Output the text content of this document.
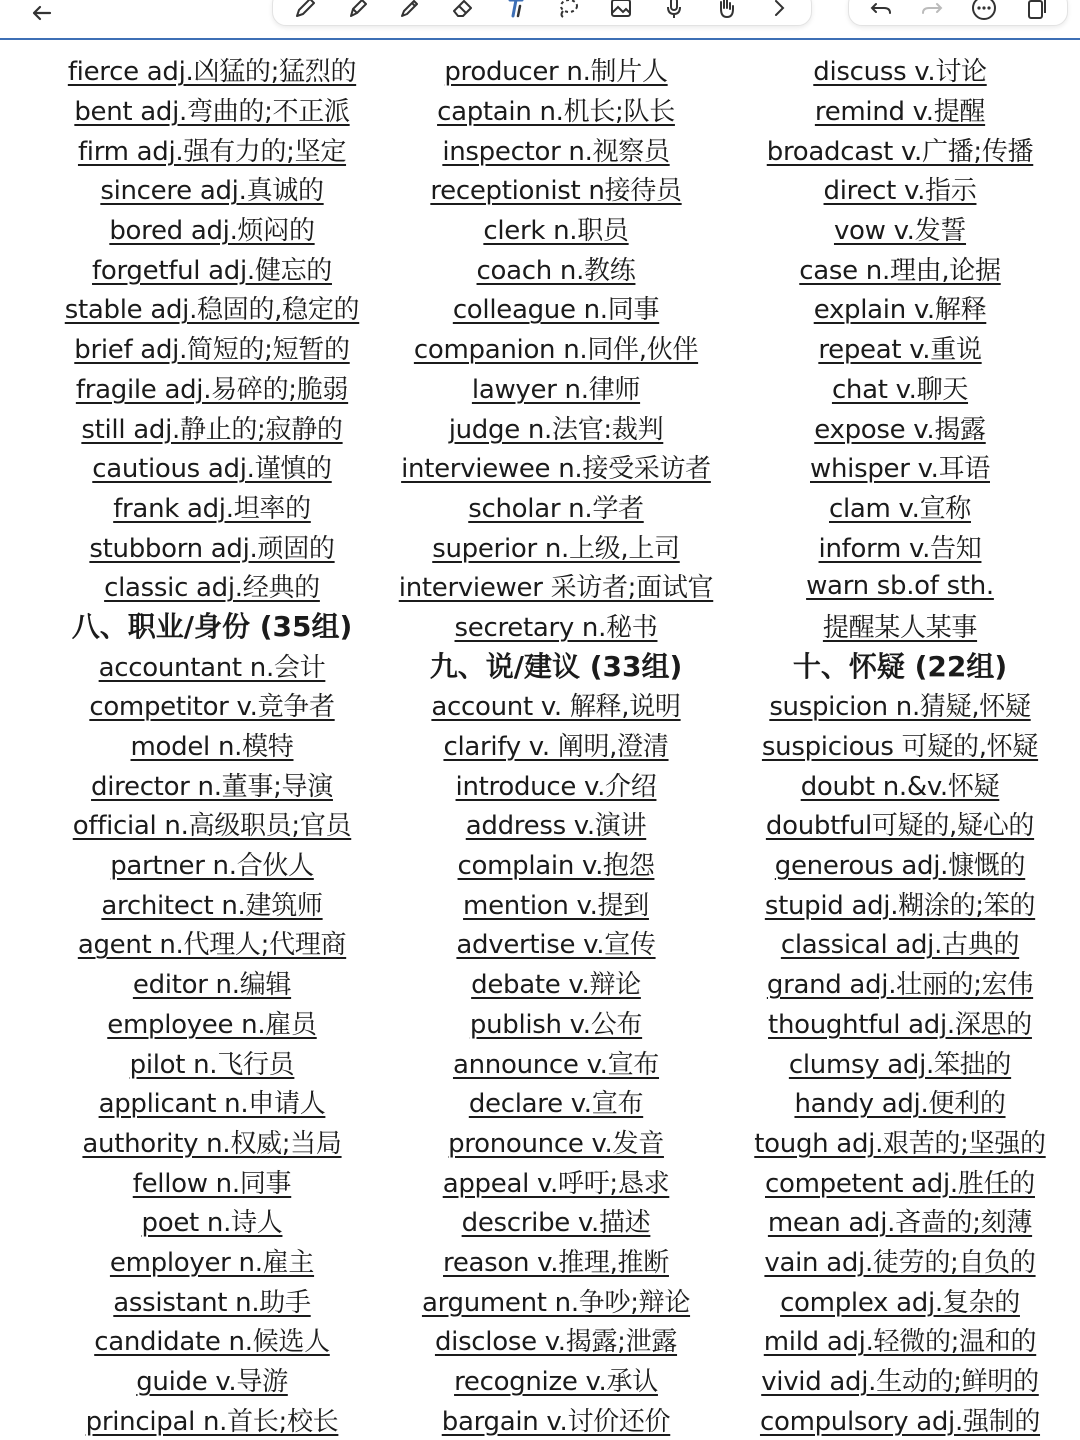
fierce adj.凶猛的;猛烈的
bent adj.弯曲的;不正派
firm adj.强有力的;坚定
sincere adj.真诚的
bored adj.烦闷的
forgetful adj.健忘的
stable adj.稳固的,稳定的
brief adj.简短的;短暂的
fragile adj.易碎的;脆弱
still adj.静止的;寂静的
cautious adj.谨慎的
frank adj.坦率的
stubborn adj.顽固的
classic adj.经典的
八、职业/身份 (35组)
accountant n.会计
competitor v.竞争者
model n.模特
director n.董事;导演
official n.高级职员;官员
partner n.合伙人
architect n.建筑师
agent n.代理人;代理商
editor n.编辑
employee n.雇员
pilot n.飞行员
applicant n.申请人
authority n.权威;当局
fellow n.同事
poet n.诗人
employer n.雇主
assistant n.助手
candidate n.候选人
guide v.导游
principal n.首长;校长
producer n.制片人
captain n.机长;队长
inspector n.视察员
receptionist n接待员
clerk n.职员
coach n.教练
colleague n.同事
companion n.同伴,伙伴
lawyer n.律师
judge n.法官:裁判
interviewee n.接受采访者
scholar n.学者
superior n.上级,上司
interviewer 采访者;面试官
secretary n.秘书
九、说/建议 (33组)
account v. 解释,说明
clarify v. 阐明,澄清
introduce v.介绍
address v.演讲
complain v.抱怨
mention v.提到
advertise v.宣传
debate v.辩论
publish v.公布
announce v.宣布
declare v.宣布
pronounce v.发音
appeal v.呼吁;恳求
describe v.描述
reason v.推理,推断
argument n.争吵;辩论
disclose v.揭露;泄露
recognize v.承认
bargain v.讨价还价
discuss v.讨论
remind v.提醒
broadcast v.广播;传播
direct v.指示
vow v.发誓
case n.理由,论据
explain v.解释
repeat v.重说
chat v.聊天
expose v.揭露
whisper v.耳语
clam v.宣称
inform v.告知
warn sb.of sth.
提醒某人某事
十、怀疑 (22组)
suspicion n.猜疑,怀疑
suspicious 可疑的,怀疑
doubt n.&v.怀疑
doubtful可疑的,疑心的
generous adj.慷慨的
stupid adj.糊涂的;笨的
classical adj.古典的
grand adj.壮丽的;宏伟
thoughtful adj.深思的
clumsy adj.笨拙的
handy adj.便利的
tough adj.艰苦的;坚强的
competent adj.胜任的
mean adj.吝啬的;刻薄
vain adj.徒劳的;自负的
complex adj.复杂的
mild adj.轻微的;温和的
vivid adj.生动的;鲜明的
compulsory adj.强制的
